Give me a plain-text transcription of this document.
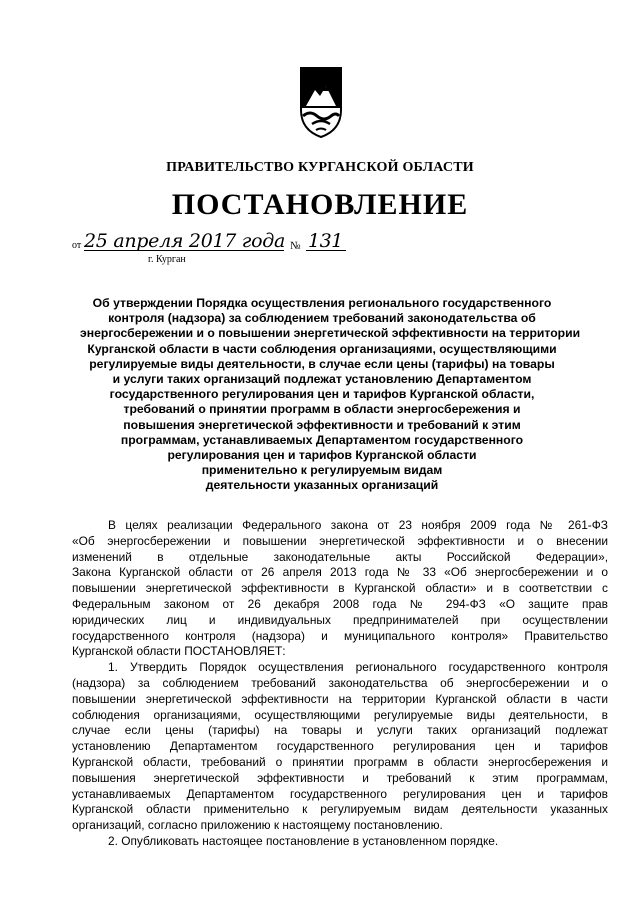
ПРАВИТЕЛЬСТВО КУРГАНСКОЙ ОБЛАСТИ
ПОСТАНОВЛЕНИЕ
от 25 апреля 2017 года № 131
г. Курган
Об утверждении Порядка осуществления регионального государственного
контроля (надзора) за соблюдением требований законодательства об
энергосбережении и о повышении энергетической эффективности на территории
Курганской области в части соблюдения организациями, осуществляющими
регулируемые виды деятельности, в случае если цены (тарифы) на товары
и услуги таких организаций подлежат установлению Департаментом
государственного регулирования цен и тарифов Курганской области,
требований о принятии программ в области энергосбережения и
повышения энергетической эффективности и требований к этим
программам, устанавливаемых Департаментом государственного
регулирования цен и тарифов Курганской области
применительно к регулируемым видам
деятельности указанных организаций
В целях реализации Федерального закона от 23 ноября 2009 года № 261-ФЗ
«Об энергосбережении и повышении энергетической эффективности и о внесении
изменений в отдельные законодательные акты Российской Федерации»,
Закона Курганской области от 26 апреля 2013 года № 33 «Об энергосбережении и о
повышении энергетической эффективности в Курганской области» и в соответствии с
Федеральным законом от 26 декабря 2008 года № 294-ФЗ «О защите прав
юридических лиц и индивидуальных предпринимателей при осуществлении
государственного контроля (надзора) и муниципального контроля» Правительство
Курганской области ПОСТАНОВЛЯЕТ:
1. Утвердить Порядок осуществления регионального государственного контроля
(надзора) за соблюдением требований законодательства об энергосбережении и о
повышении энергетической эффективности на территории Курганской области в части
соблюдения организациями, осуществляющими регулируемые виды деятельности, в
случае если цены (тарифы) на товары и услуги таких организаций подлежат
установлению Департаментом государственного регулирования цен и тарифов
Курганской области, требований о принятии программ в области энергосбережения и
повышения энергетической эффективности и требований к этим программам,
устанавливаемых Департаментом государственного регулирования цен и тарифов
Курганской области применительно к регулируемым видам деятельности указанных
организаций, согласно приложению к настоящему постановлению.
2. Опубликовать настоящее постановление в установленном порядке.
